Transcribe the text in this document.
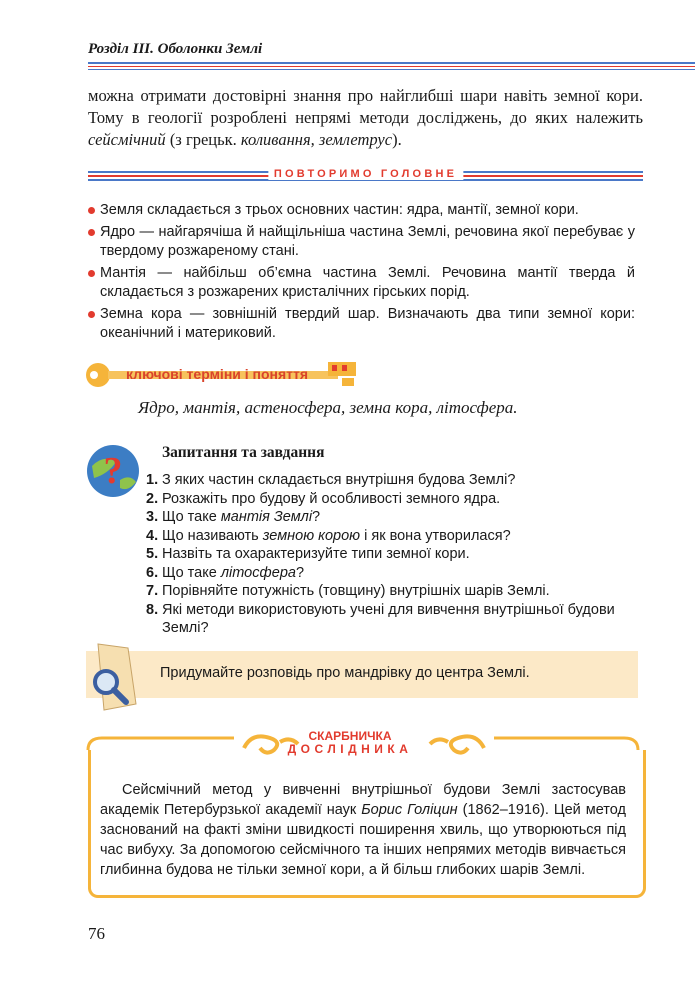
Розділ ІІІ. Оболонки Землі
можна отримати достовірні знання про найглибші шари навіть земної кори. Тому в геології розроблені непрямі методи досліджень, до яких належить сейсмічний (з грецьк. коливання, землетрус).
ПОВТОРИМО ГОЛОВНЕ
Земля складається з трьох основних частин: ядра, мантії, земної кори.
Ядро — найгарячіша й найщільніша частина Землі, речовина якої перебуває у твердому розжареному стані.
Мантія — найбільш об’ємна частина Землі. Речовина мантії тверда й складається з розжарених кристалічних гірських порід.
Земна кора — зовнішній твердий шар. Визначають два типи земної кори: океанічний і материковий.
ключові терміни і поняття
Ядро, мантія, астеносфера, земна кора, літосфера.
?	Запитання та завдання
1. З яких частин складається внутрішня будова Землі?
2. Розкажіть про будову й особливості земного ядра.
3. Що таке мантія Землі?
4. Що називають земною корою і як вона утворилася?
5. Назвіть та охарактеризуйте типи земної кори.
6. Що таке літосфера?
7. Порівняйте потужність (товщину) внутрішніх шарів Землі.
8. Які методи використовують учені для вивчення внутрішньої будови Землі?
Придумайте розповідь про мандрівку до центра Землі.
СКАРБНИЧКА
ДОСЛІДНИКА
Сейсмічний метод у вивченні внутрішньої будови Землі застосував академік Петербурзької академії наук Борис Голіцин (1862–1916). Цей метод заснований на факті зміни швидкості поширення хвиль, що утворюються під час вибуху. За допомогою сейсмічного та інших непрямих методів вивчається глибинна будова не тільки земної кори, а й більш глибоких шарів Землі.
76
